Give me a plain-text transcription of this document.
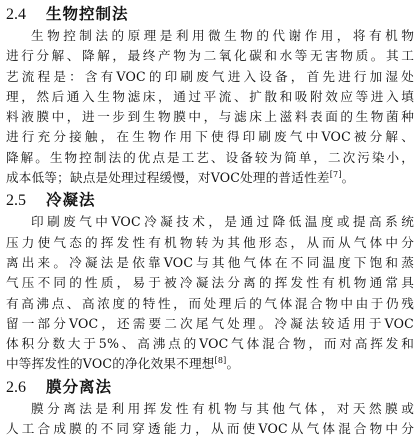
2.4	生物控制法

生物控制法的原理是利用微生物的代谢作用，将有机物
进行分解、降解，最终产物为二氧化碳和水等无害物质。其工
艺流程是：含有VOC的印刷废气进入设备，首先进行加湿处
理，然后通入生物滤床，通过平流、扩散和吸附效应等进入填
料液膜中，进一步到生物膜中，与滤床上滋料表面的生物菌种
进行充分接触，在生物作用下使得印刷废气中VOC被分解、
降解。生物控制法的优点是工艺、设备较为简单，二次污染小，
成本低等；缺点是处理过程缓慢，对VOC处理的普适性差[7]。

2.5	冷凝法

印刷废气中VOC冷凝技术，是通过降低温度或提高系统
压力使气态的挥发性有机物转为其他形态，从而从气体中分
离出来。冷凝法是依靠VOC与其他气体在不同温度下饱和蒸
气压不同的性质，易于被冷凝法分离的挥发性有机物通常具
有高沸点、高浓度的特性，而处理后的气体混合物中由于仍残
留一部分VOC，还需要二次尾气处理。冷凝法较适用于VOC
体积分数大于5%、高沸点的VOC气体混合物，而对高挥发和
中等挥发性的VOC的净化效果不理想[8]。

2.6	膜分离法

膜分离法是利用挥发性有机物与其他气体，对天然膜或
人工合成膜的不同穿透能力，从而使VOC从气体混合物中分
